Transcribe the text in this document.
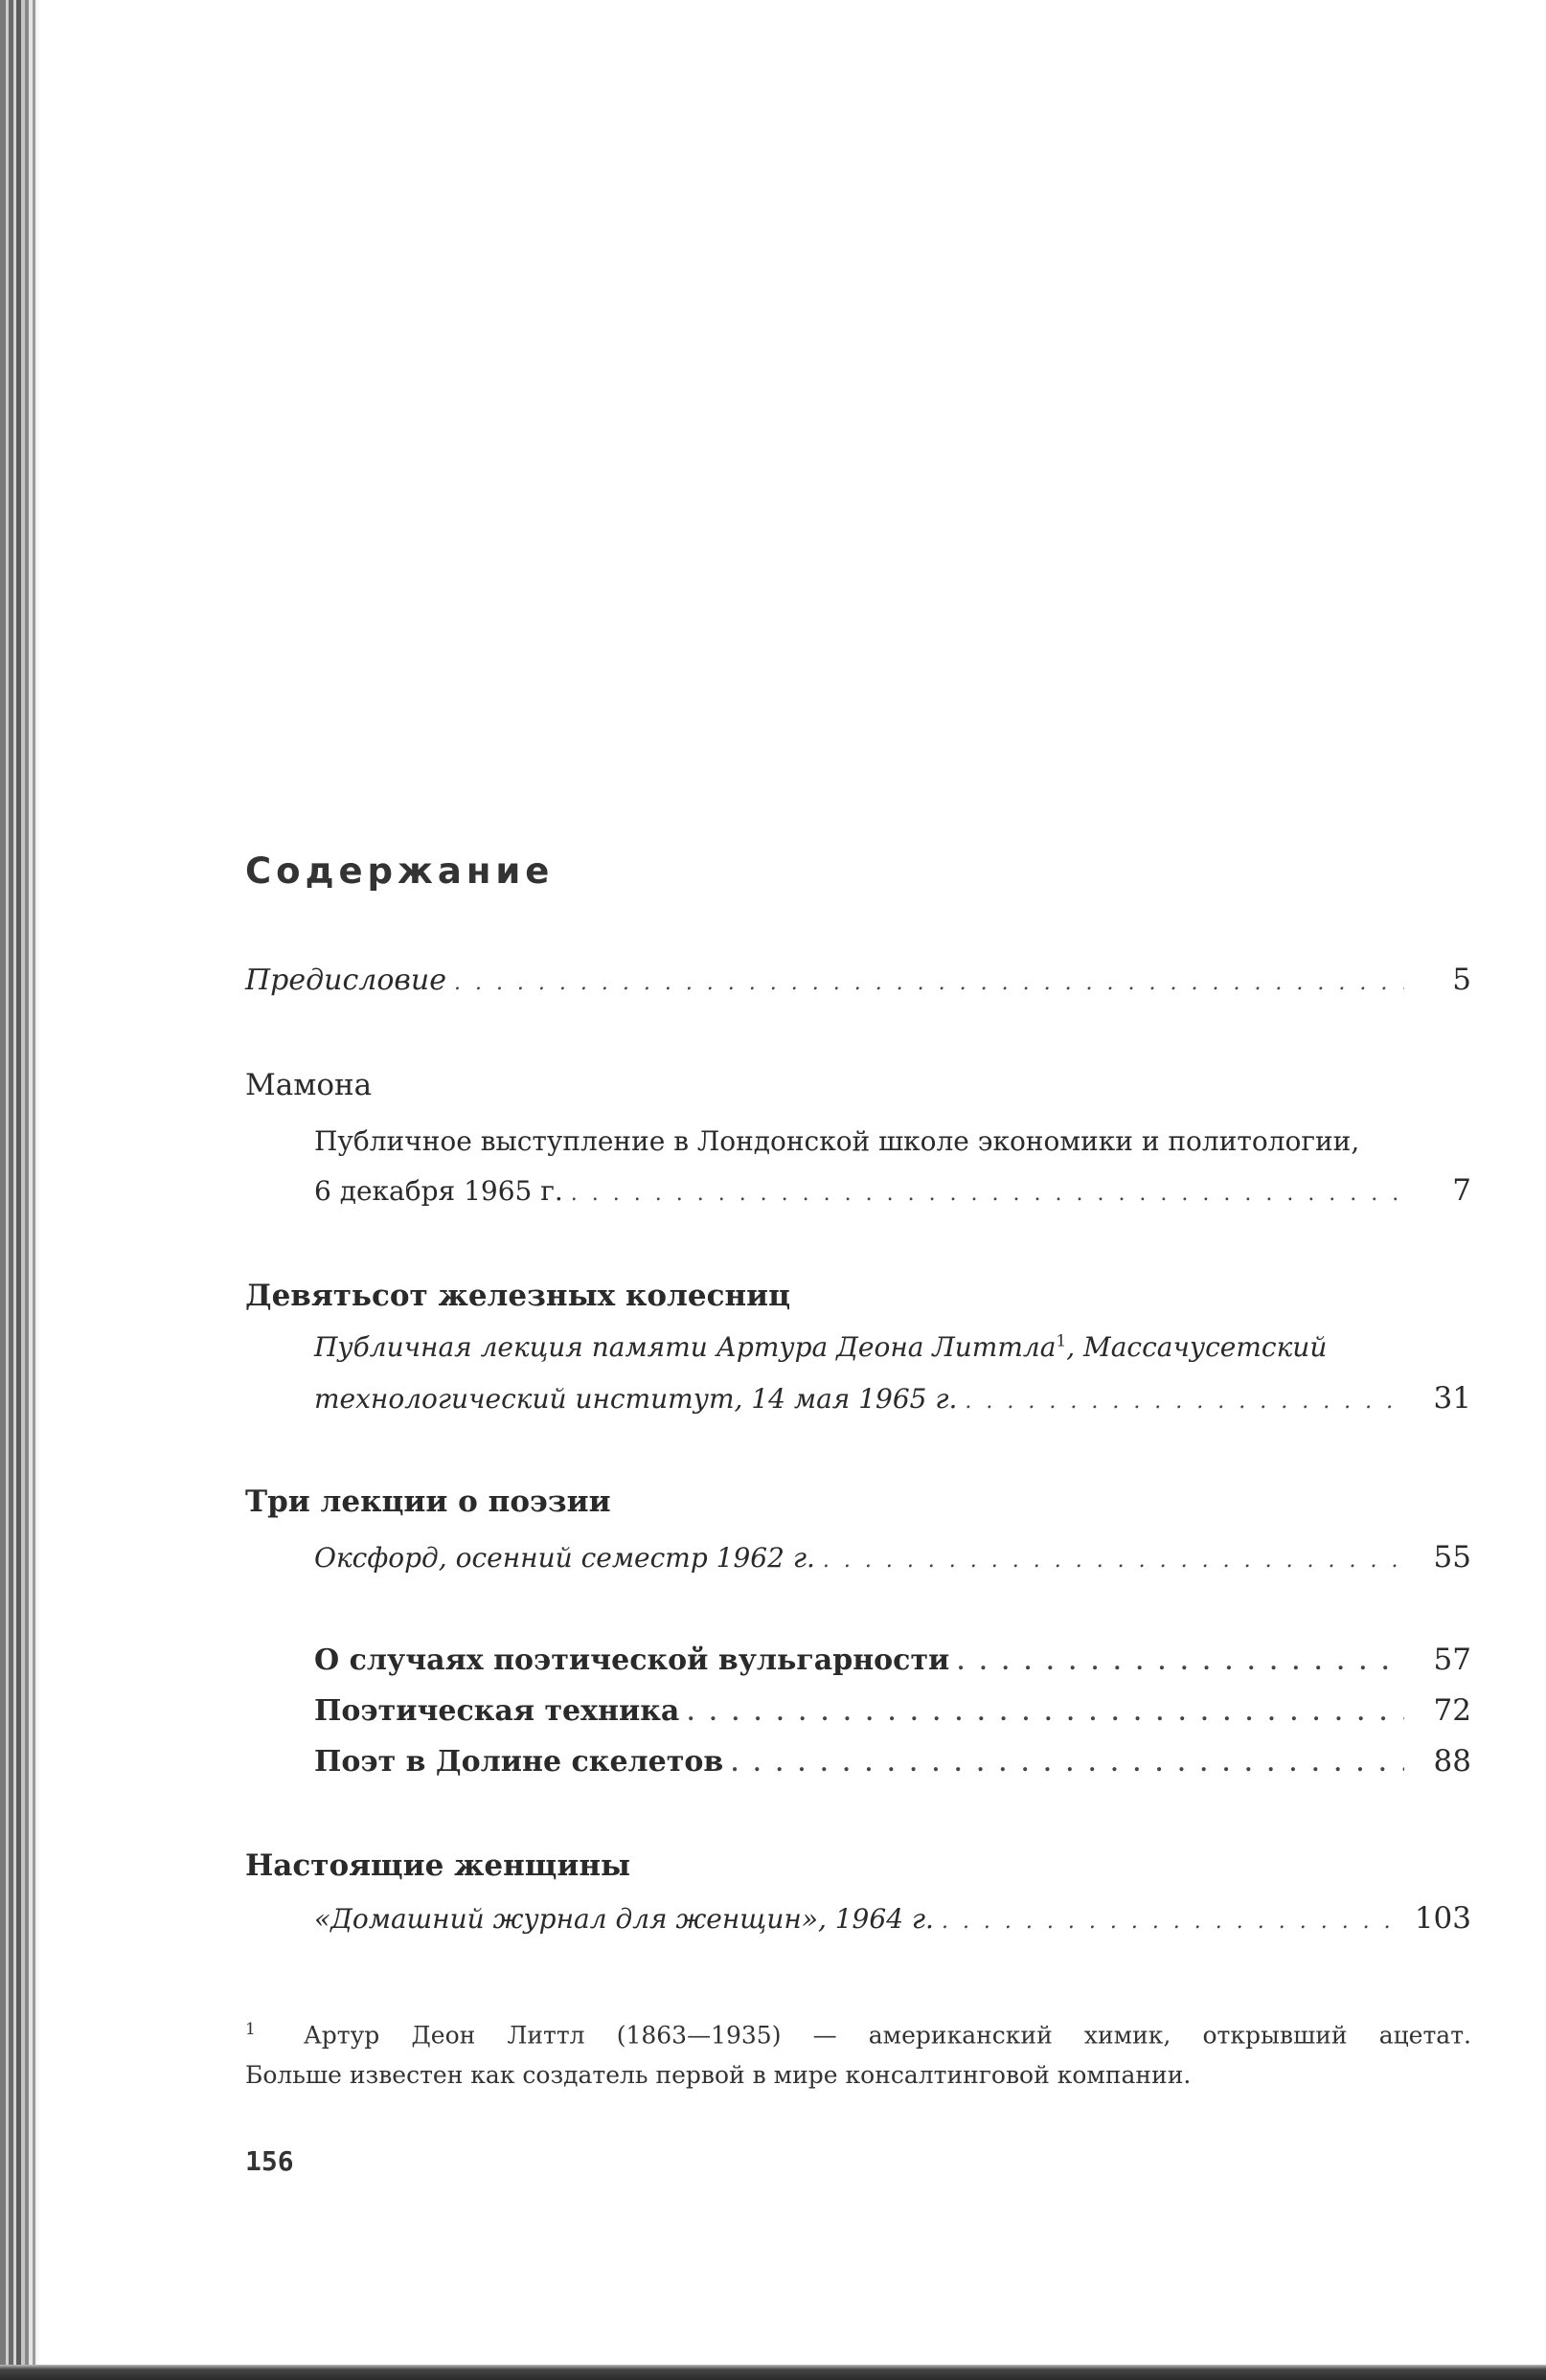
Содержание
Предисловие . . .	5
Мамона
Публичное выступление в Лондонской школе экономики и политологии,
6 декабря 1965 г. . . .	7
Девятьсот железных колесниц
Публичная лекция памяти Артура Деона Литтла$^1$, Массачусетский
технологический институт, 14 мая 1965 г. . . .	31
Три лекции о поэзии
Оксфорд, осенний семестр 1962 г. . . .	55
О случаях поэтической вульгарности . . .	57
Поэтическая техника . . .	72
Поэт в Долине скелетов . . .	88
Настоящие женщины
«Домашний журнал для женщин», 1964 г. . . .	103
$^1$ Артур Деон Литтл (1863—1935) — американский химик, открывший ацетат.
Больше известен как создатель первой в мире консалтинговой компании.
156
